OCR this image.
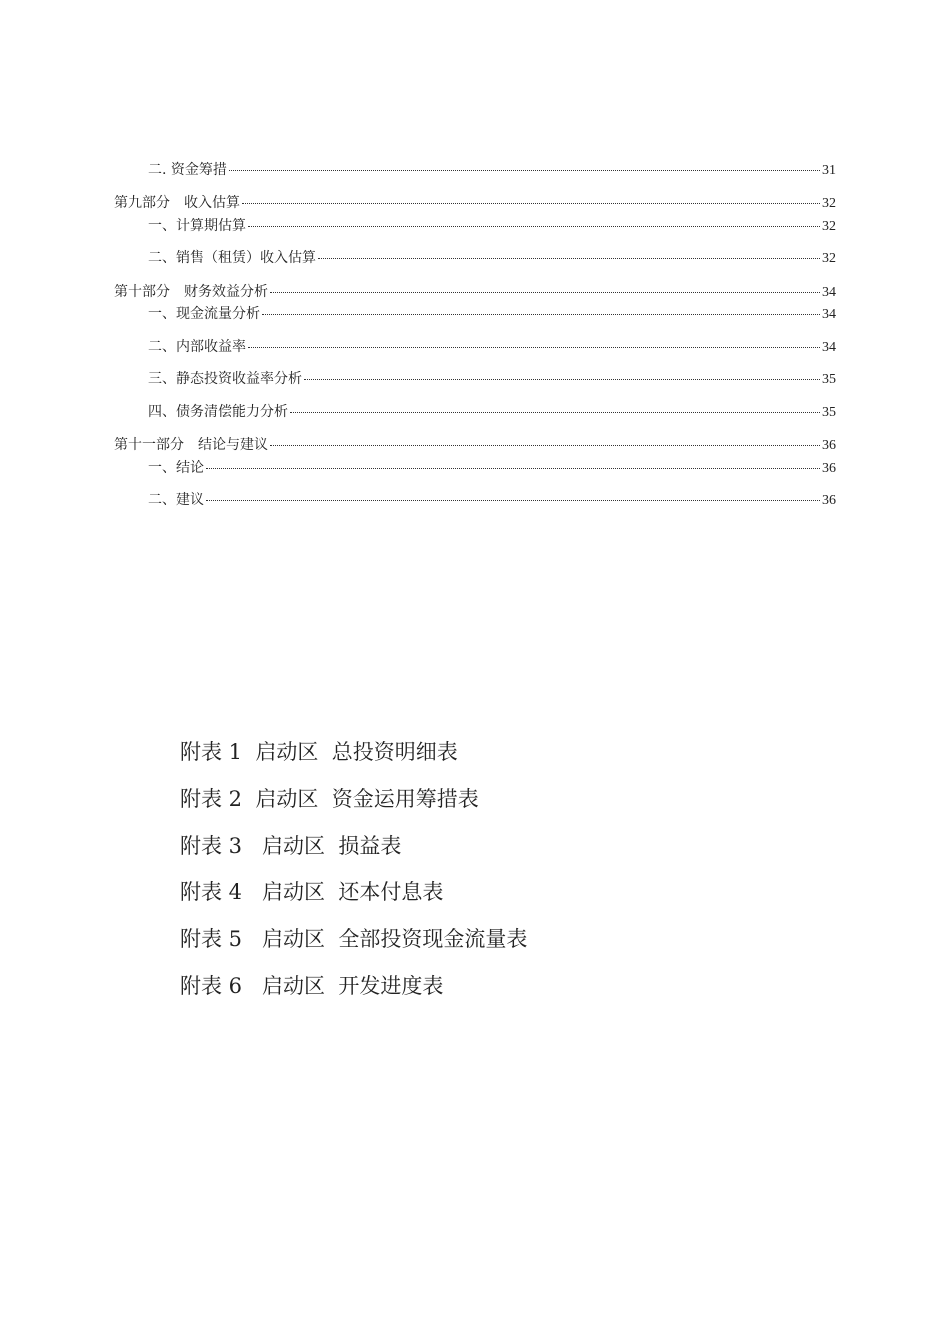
二. 资金筹措	31
第九部分　收入估算	32
一、计算期估算	32
二、销售（租赁）收入估算	32
第十部分　财务效益分析	34
一、现金流量分析	34
二、内部收益率	34
三、静态投资收益率分析	35
四、债务清偿能力分析	35
第十一部分　结论与建议	36
一、结论	36
二、建议	36
附表 1  启动区  总投资明细表
附表 2  启动区  资金运用筹措表
附表 3   启动区  损益表
附表 4   启动区  还本付息表
附表 5   启动区  全部投资现金流量表
附表 6   启动区  开发进度表
